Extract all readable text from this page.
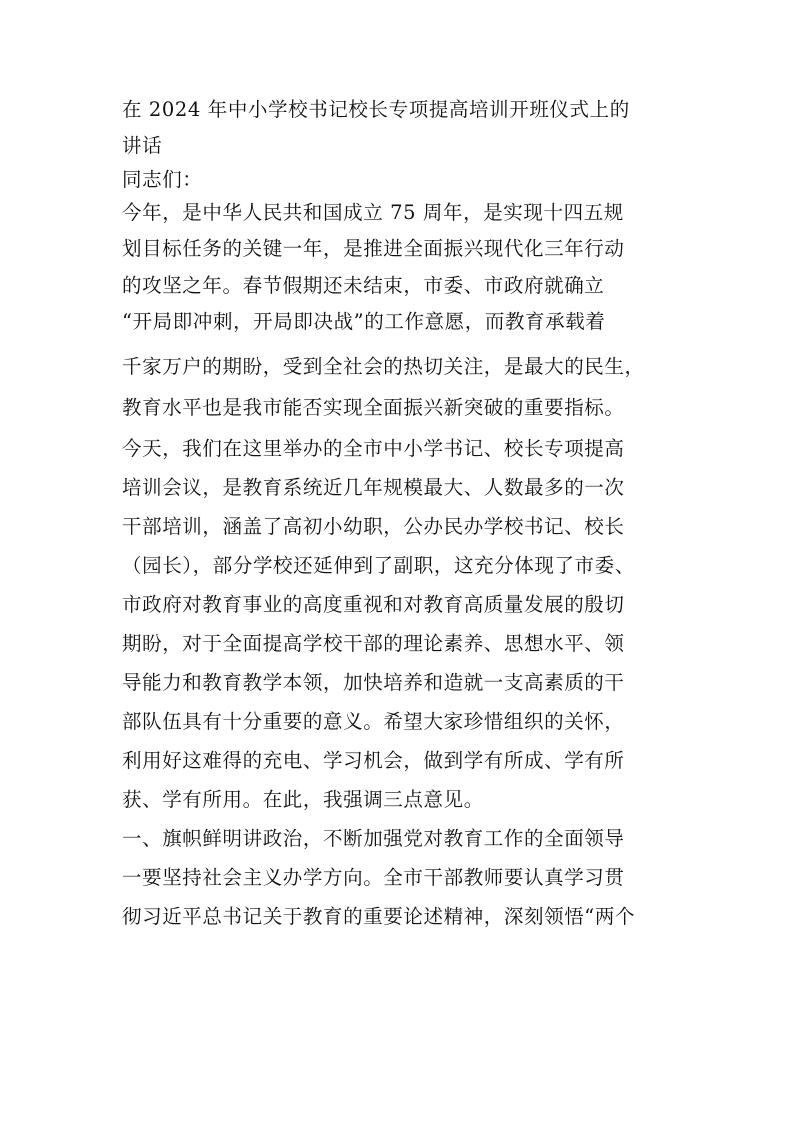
在 2024 年中小学校书记校长专项提高培训开班仪式上的
讲话
同志们：
今年，是中华人民共和国成立 75 周年，是实现十四五规
划目标任务的关键一年，是推进全面振兴现代化三年行动
的攻坚之年。春节假期还未结束，市委、市政府就确立
“开局即冲刺，开局即决战”的工作意愿，而教育承载着
千家万户的期盼，受到全社会的热切关注，是最大的民生，
教育水平也是我市能否实现全面振兴新突破的重要指标。
今天，我们在这里举办的全市中小学书记、校长专项提高
培训会议，是教育系统近几年规模最大、人数最多的一次
干部培训，涵盖了高初小幼职，公办民办学校书记、校长
（园长），部分学校还延伸到了副职，这充分体现了市委、
市政府对教育事业的高度重视和对教育高质量发展的殷切
期盼，对于全面提高学校干部的理论素养、思想水平、领
导能力和教育教学本领，加快培养和造就一支高素质的干
部队伍具有十分重要的意义。希望大家珍惜组织的关怀，
利用好这难得的充电、学习机会，做到学有所成、学有所
获、学有所用。在此，我强调三点意见。
一、旗帜鲜明讲政治，不断加强党对教育工作的全面领导
一要坚持社会主义办学方向。全市干部教师要认真学习贯
彻习近平总书记关于教育的重要论述精神，深刻领悟“两个
